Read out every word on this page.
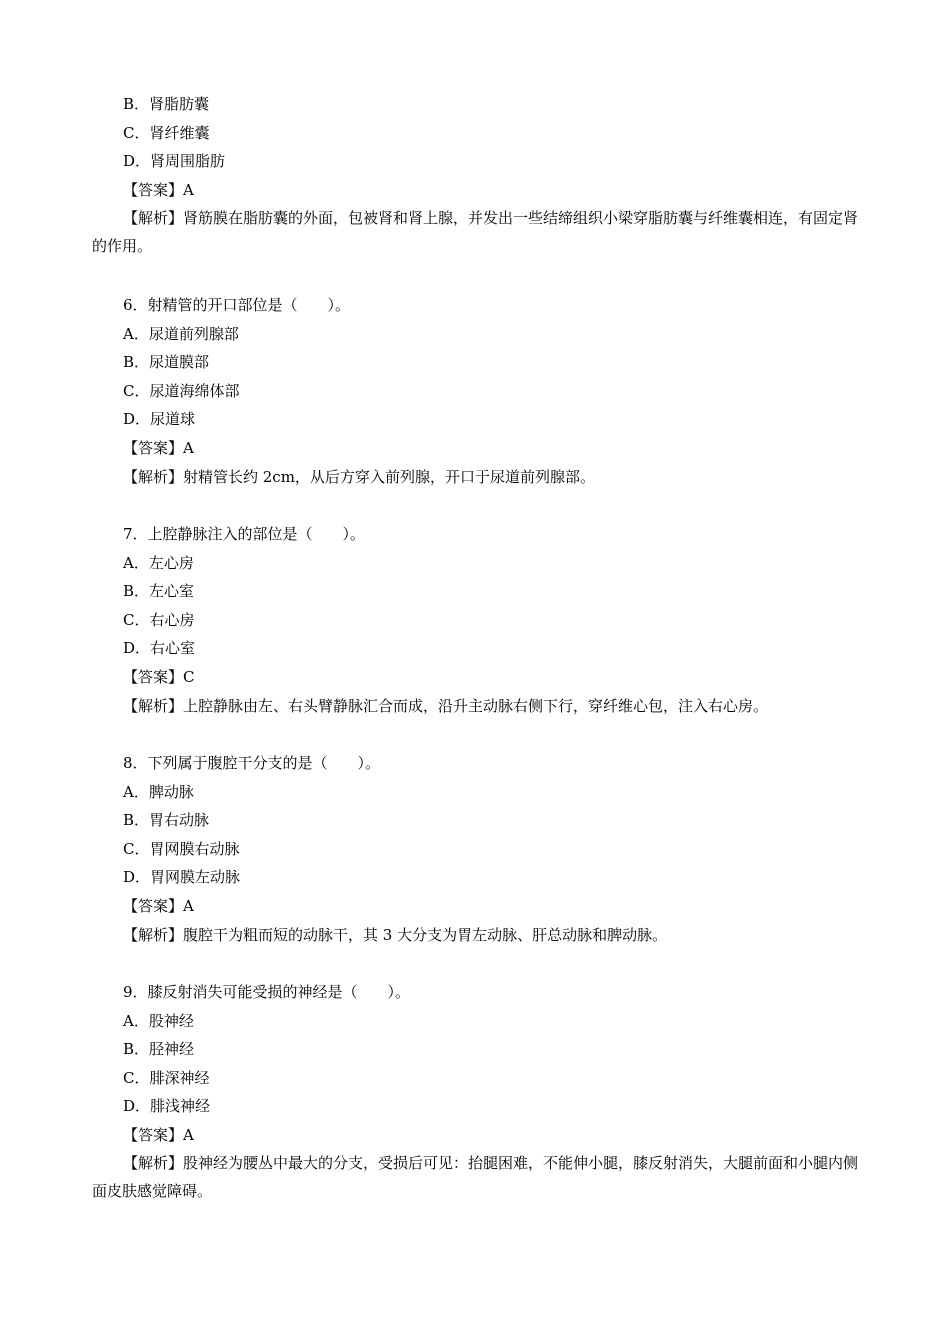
B．肾脂肪囊
C．肾纤维囊
D．肾周围脂肪
【答案】A
【解析】肾筋膜在脂肪囊的外面，包被肾和肾上腺，并发出一些结缔组织小梁穿脂肪囊与纤维囊相连，有固定肾的作用。
6．射精管的开口部位是（　　）。
A．尿道前列腺部
B．尿道膜部
C．尿道海绵体部
D．尿道球
【答案】A
【解析】射精管长约 2cm，从后方穿入前列腺，开口于尿道前列腺部。
7．上腔静脉注入的部位是（　　）。
A．左心房
B．左心室
C．右心房
D．右心室
【答案】C
【解析】上腔静脉由左、右头臂静脉汇合而成，沿升主动脉右侧下行，穿纤维心包，注入右心房。
8．下列属于腹腔干分支的是（　　）。
A．脾动脉
B．胃右动脉
C．胃网膜右动脉
D．胃网膜左动脉
【答案】A
【解析】腹腔干为粗而短的动脉干，其 3 大分支为胃左动脉、肝总动脉和脾动脉。
9．膝反射消失可能受损的神经是（　　）。
A．股神经
B．胫神经
C．腓深神经
D．腓浅神经
【答案】A
【解析】股神经为腰丛中最大的分支，受损后可见：抬腿困难，不能伸小腿，膝反射消失，大腿前面和小腿内侧面皮肤感觉障碍。
